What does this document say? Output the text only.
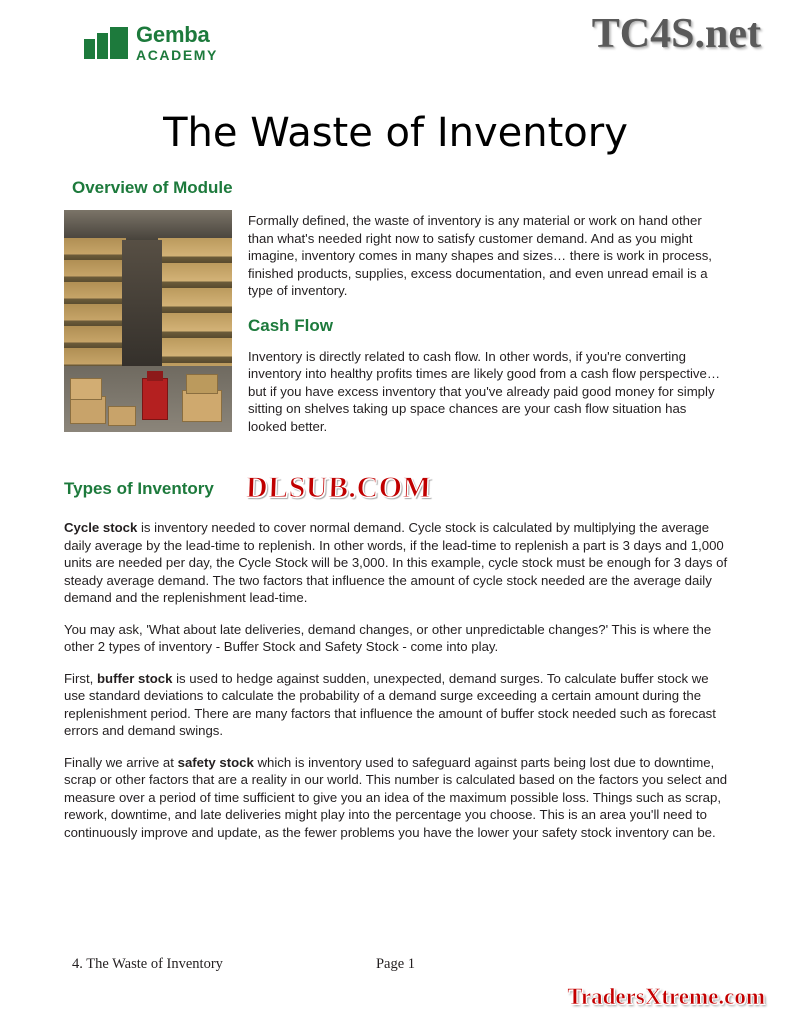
Gemba
ACADEMY	TC4S.net
The Waste of Inventory
Overview of Module

Formally defined, the waste of inventory is any material or work on hand other than what's needed right now to satisfy customer demand. And as you might imagine, inventory comes in many shapes and sizes… there is work in process, finished products, supplies, excess documentation, and even unread email is a type of inventory.

Cash Flow

Inventory is directly related to cash flow. In other words, if you're converting inventory into healthy profits times are likely good from a cash flow perspective… but if you have excess inventory that you've already paid good money for simply sitting on shelves taking up space chances are your cash flow situation has looked better.

Types of Inventory DLSUB.COM

Cycle stock is inventory needed to cover normal demand. Cycle stock is calculated by multiplying the average daily average by the lead-time to replenish. In other words, if the lead-time to replenish a part is 3 days and 1,000 units are needed per day, the Cycle Stock will be 3,000. In this example, cycle stock must be enough for 3 days of steady average demand. The two factors that influence the amount of cycle stock needed are the average daily demand and the replenishment lead-time.

You may ask, 'What about late deliveries, demand changes, or other unpredictable changes?' This is where the other 2 types of inventory - Buffer Stock and Safety Stock - come into play.

First, buffer stock is used to hedge against sudden, unexpected, demand surges. To calculate buffer stock we use standard deviations to calculate the probability of a demand surge exceeding a certain amount during the replenishment period. There are many factors that influence the amount of buffer stock needed such as forecast errors and demand swings.

Finally we arrive at safety stock which is inventory used to safeguard against parts being lost due to downtime, scrap or other factors that are a reality in our world. This number is calculated based on the factors you select and measure over a period of time sufficient to give you an idea of the maximum possible loss. Things such as scrap, rework, downtime, and late deliveries might play into the percentage you choose. This is an area you'll need to continuously improve and update, as the fewer problems you have the lower your safety stock inventory can be.

4. The Waste of Inventory	Page 1
TradersXtreme.com
